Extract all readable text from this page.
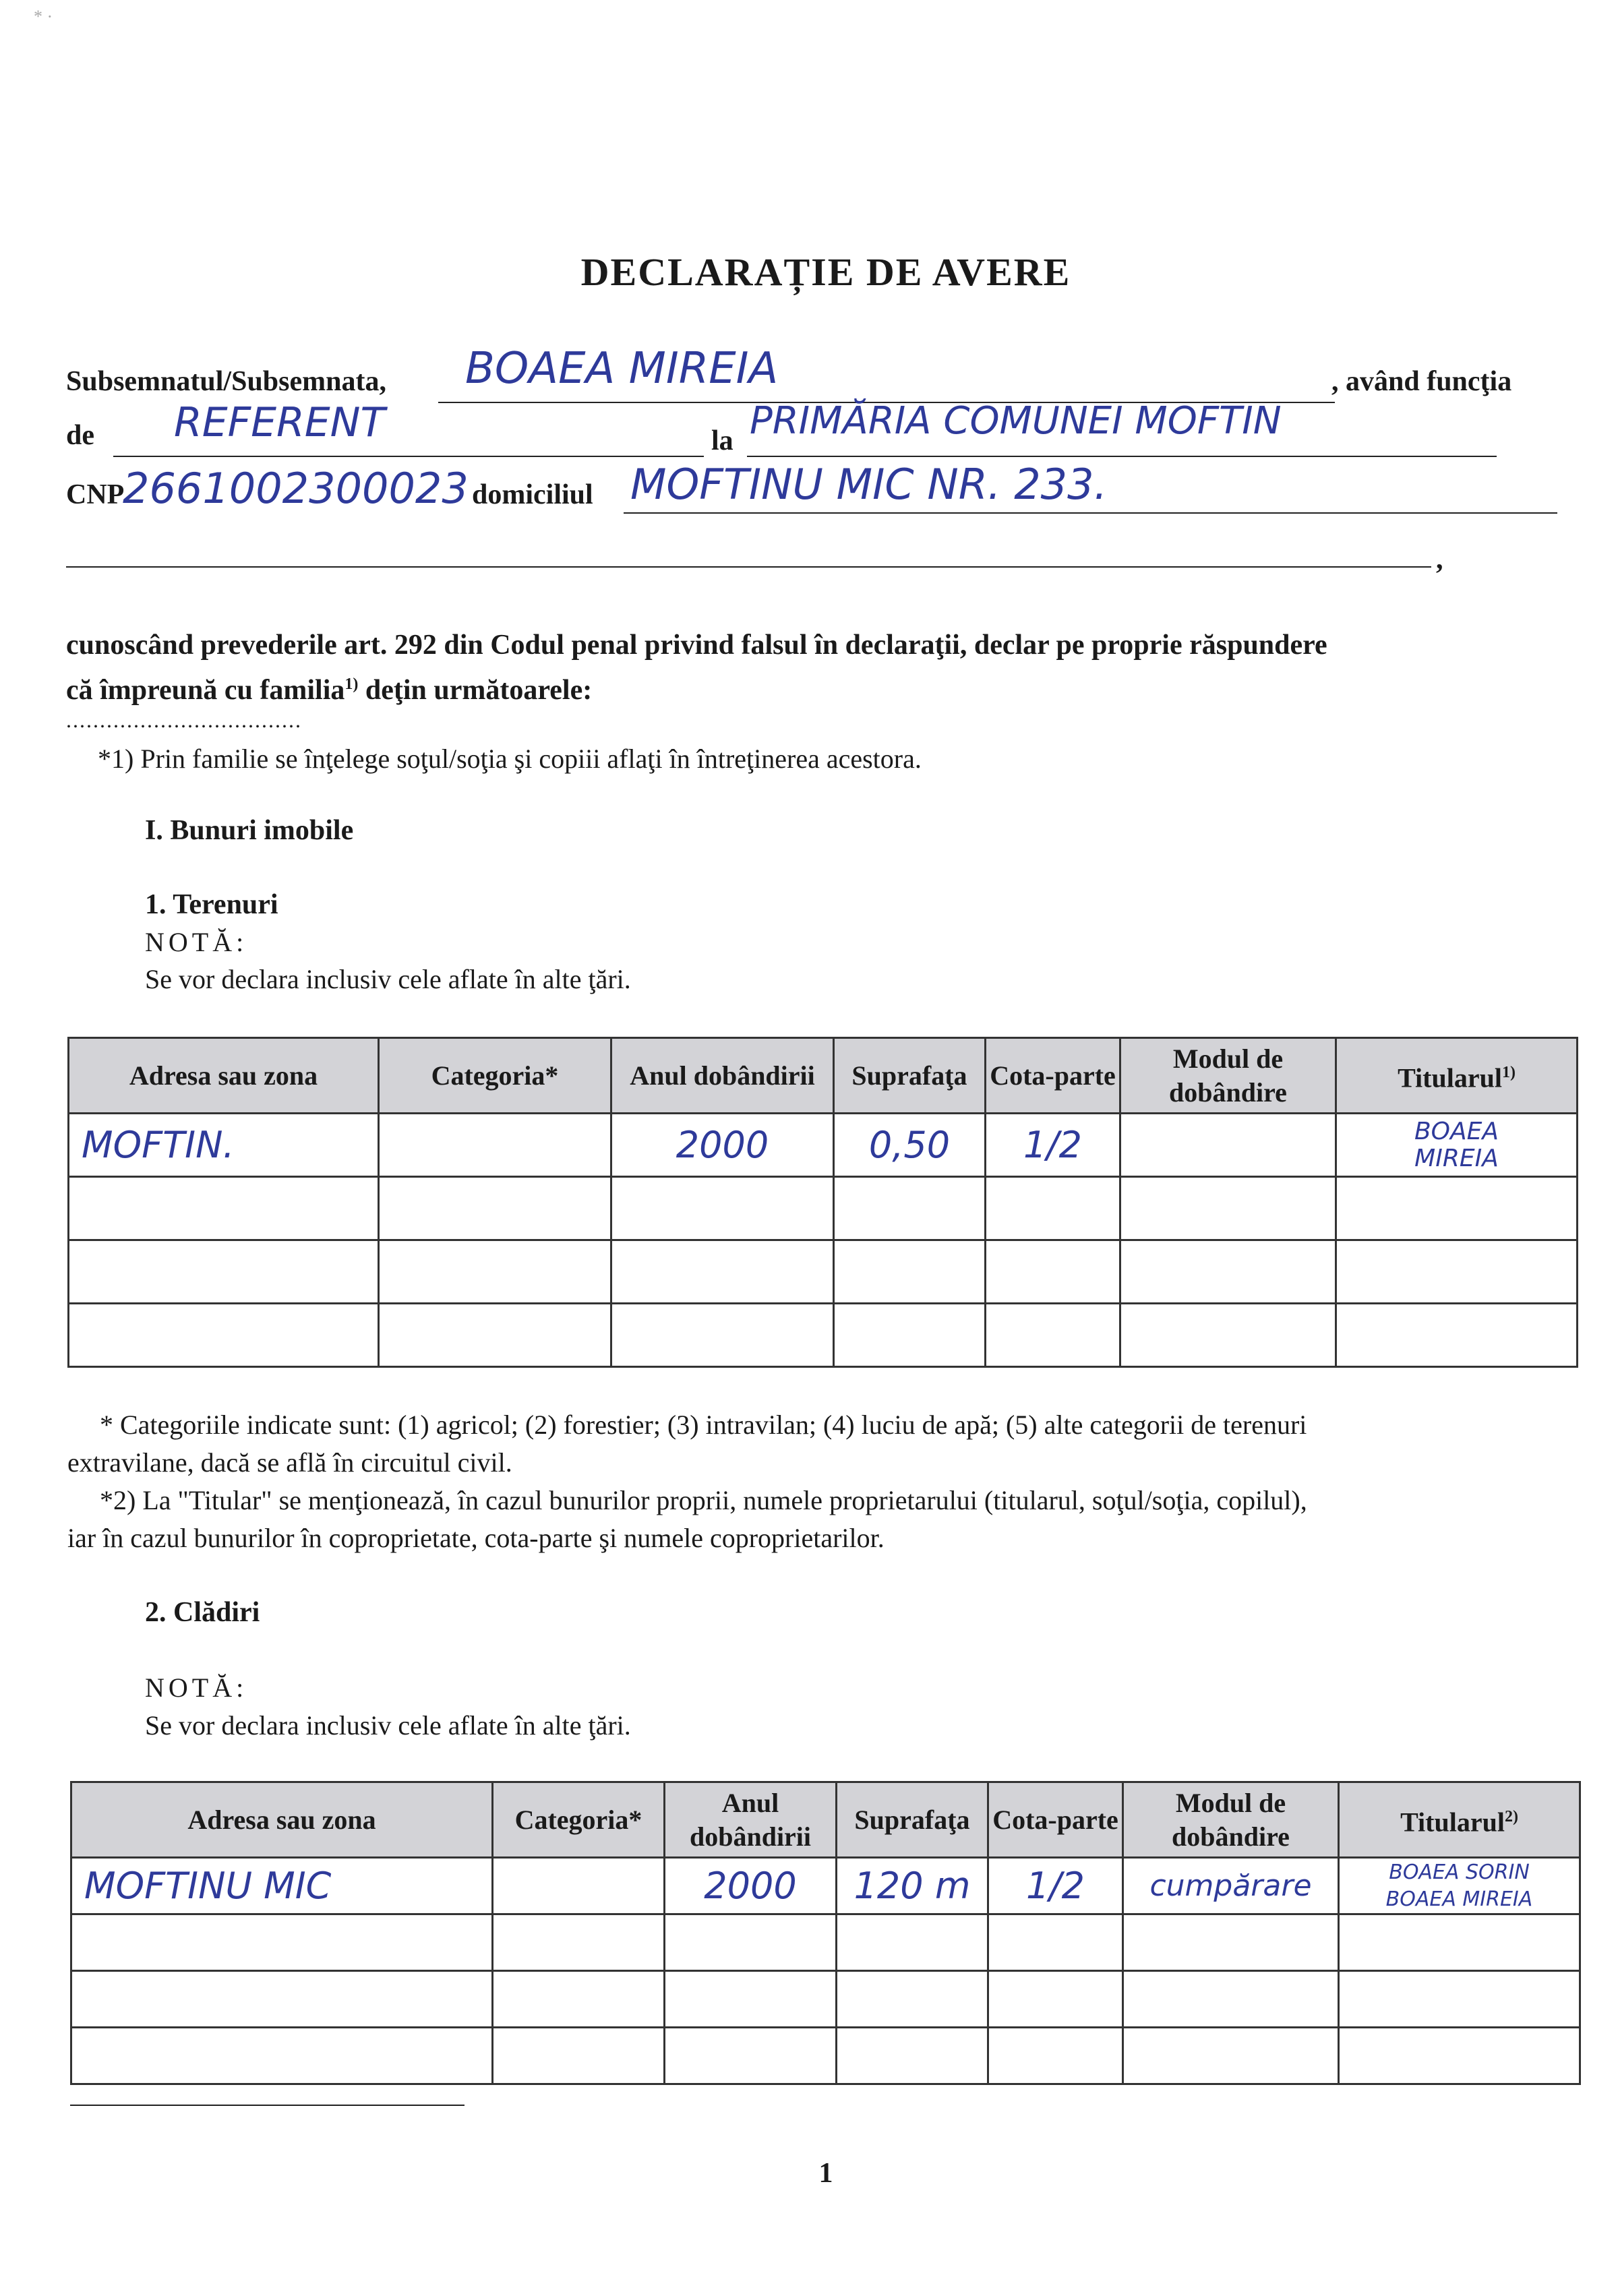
* ·
DECLARAȚIE DE AVERE
Subsemnatul/Subsemnata, BOAEA MIREIA	, având funcţia
de REFERENT	la PRIMĂRIA COMUNEI MOFTIN
CNP
2661002300023 domiciliul MOFTINU MIC NR. 233.
,
cunoscând prevederile art. 292 din Codul penal privind falsul în declaraţii, declar pe proprie răspundere
că împreună cu familia$^{1)}$ deţin următoarele:
...................................
*1) Prin familie se înţelege soţul/soţia şi copiii aflaţi în întreţinerea acestora.
I. Bunuri imobile
1. Terenuri
NOTĂ:
Se vor declara inclusiv cele aflate în alte ţări.
Adresa sau zona	Categoria*	Anul dobândirii	Suprafaţa	Cota-parte	Modul de dobândire	Titularul$^{1)}$
MOFTIN.		2000	0,50	1/2		BOAEA
MIREIA

* Categoriile indicate sunt: (1) agricol; (2) forestier; (3) intravilan; (4) luciu de apă; (5) alte categorii de terenuri
extravilane, dacă se află în circuitul civil.
*2) La "Titular" se menţionează, în cazul bunurilor proprii, numele proprietarului (titularul, soţul/soţia, copilul),
iar în cazul bunurilor în coproprietate, cota-parte şi numele coproprietarilor.
2. Clădiri
NOTĂ:
Se vor declara inclusiv cele aflate în alte ţări.
Adresa sau zona	Categoria*	Anul dobândirii	Suprafaţa	Cota-parte	Modul de dobândire	Titularul$^{2)}$
MOFTINU MIC		2000	120 m	1/2	cumpărare	BOAEA SORIN
BOAEA MIREIA

1
